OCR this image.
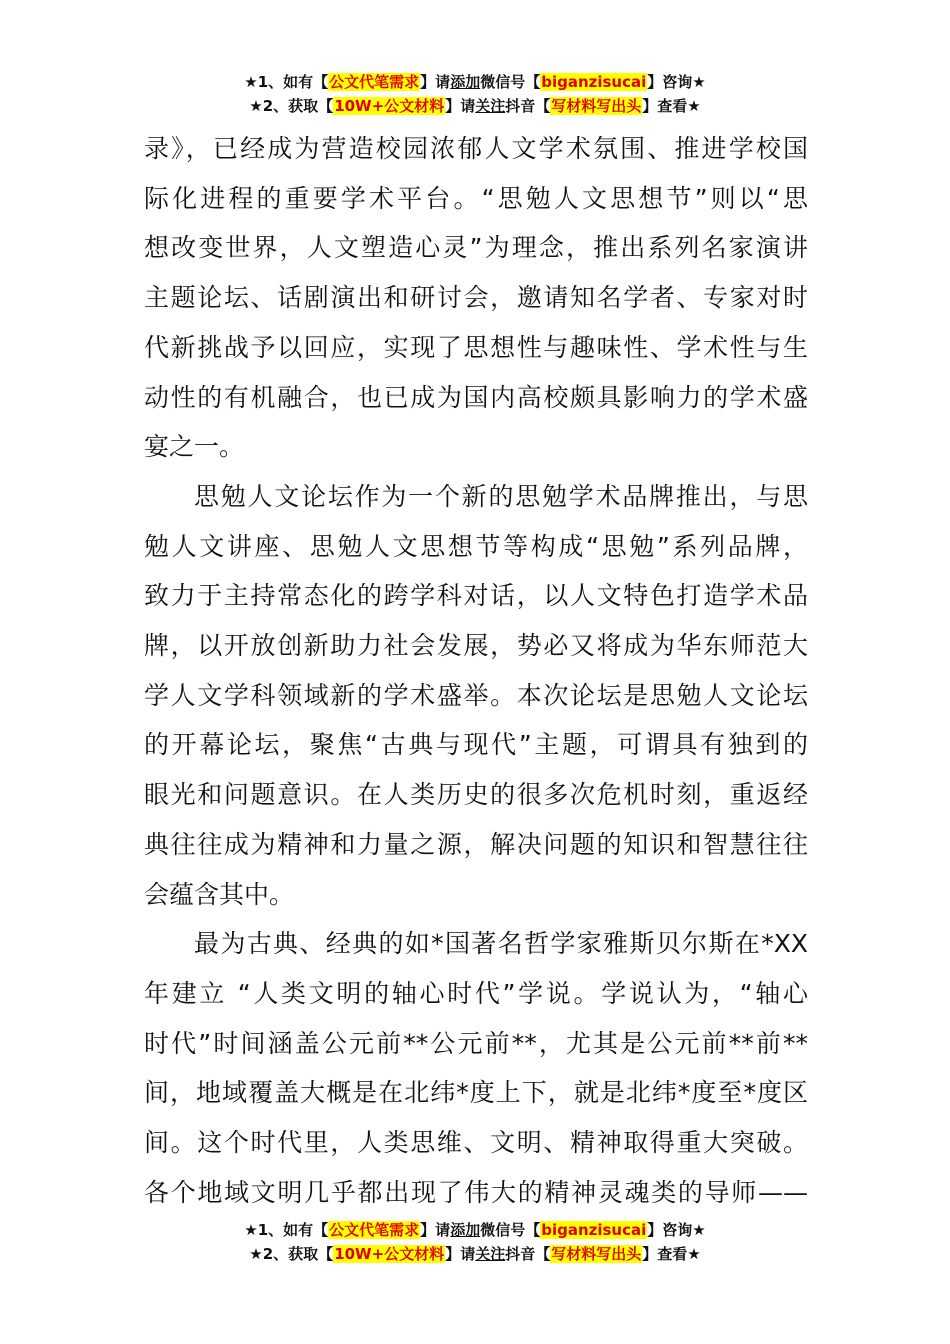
★1、如有【公文代笔需求】请添加微信号【biganzisucai】咨询★
★2、获取【10W+公文材料】请关注抖音【写材料写出头】查看★

录》，已经成为营造校园浓郁人文学术氛围、推进学校国
际化进程的重要学术平台。“思勉人文思想节”则以“思
想改变世界，人文塑造心灵”为理念，推出系列名家演讲
主题论坛、话剧演出和研讨会，邀请知名学者、专家对时
代新挑战予以回应，实现了思想性与趣味性、学术性与生
动性的有机融合，也已成为国内高校颇具影响力的学术盛
宴之一。

思勉人文论坛作为一个新的思勉学术品牌推出，与思
勉人文讲座、思勉人文思想节等构成“思勉”系列品牌，
致力于主持常态化的跨学科对话，以人文特色打造学术品
牌，以开放创新助力社会发展，势必又将成为华东师范大
学人文学科领域新的学术盛举。本次论坛是思勉人文论坛
的开幕论坛，聚焦“古典与现代”主题，可谓具有独到的
眼光和问题意识。在人类历史的很多次危机时刻，重返经
典往往成为精神和力量之源，解决问题的知识和智慧往往
会蕴含其中。

最为古典、经典的如*国著名哲学家雅斯贝尔斯在*XX
年建立 “人类文明的轴心时代”学说。学说认为，“轴心
时代”时间涵盖公元前**公元前**，尤其是公元前**前**
间，地域覆盖大概是在北纬*度上下，就是北纬*度至*度区
间。这个时代里，人类思维、文明、精神取得重大突破。
各个地域文明几乎都出现了伟大的精神灵魂类的导师——

★1、如有【公文代笔需求】请添加微信号【biganzisucai】咨询★
★2、获取【10W+公文材料】请关注抖音【写材料写出头】查看★
